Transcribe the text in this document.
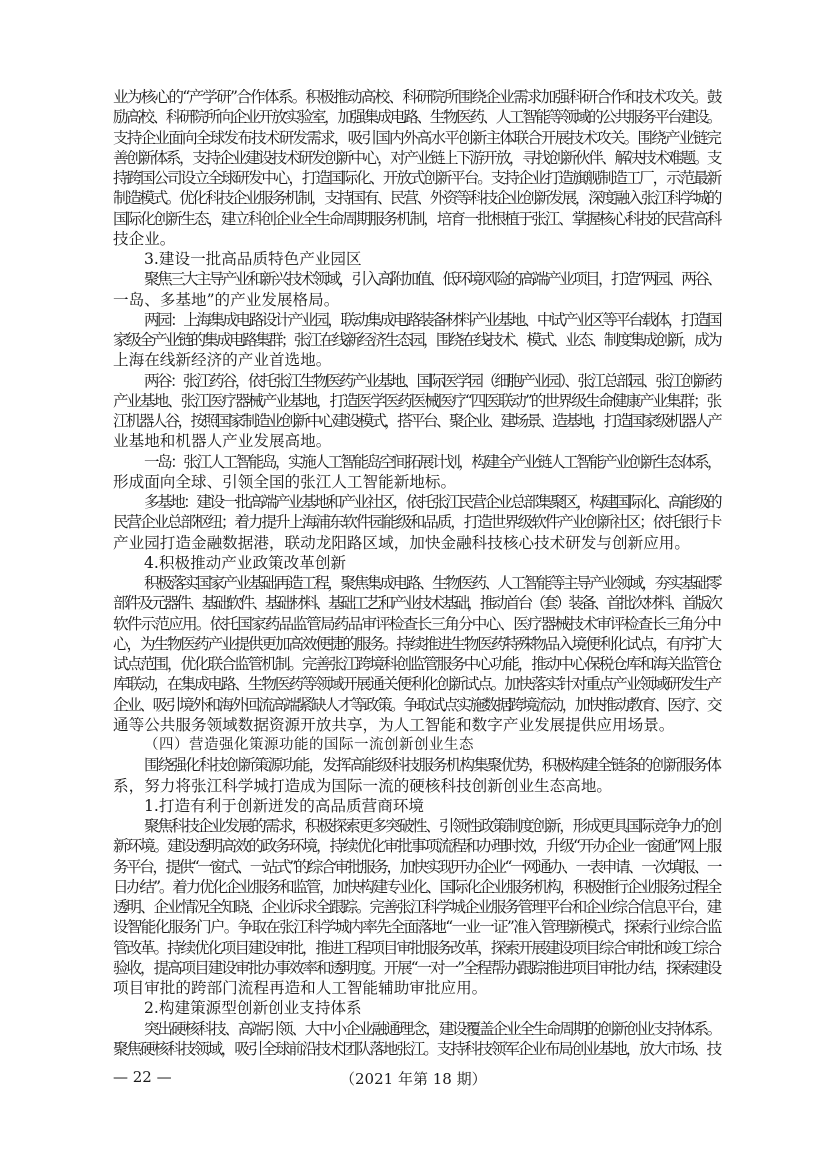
业为核心的“产学研”合作体系。积极推动高校、科研院所围绕企业需求加强科研合作和技术攻关。鼓
励高校、科研院所向企业开放实验室，加强集成电路、生物医药、人工智能等领域的公共服务平台建设。
支持企业面向全球发布技术研发需求，吸引国内外高水平创新主体联合开展技术攻关。围绕产业链完
善创新体系，支持企业建设技术研发创新中心，对产业链上下游开放，寻找创新伙伴、解决技术难题。支
持跨国公司设立全球研发中心，打造国际化、开放式创新平台。支持企业打造旗舰制造工厂，示范最新
制造模式。优化科技企业服务机制，支持国有、民营、外资等科技企业创新发展，深度融入张江科学城的
国际化创新生态，建立科创企业全生命周期服务机制，培育一批根植于张江、掌握核心科技的民营高科
技企业。
3.建设一批高品质特色产业园区
聚焦三大主导产业和新兴技术领域，引入高附加值、低环境风险的高端产业项目，打造“两园、两谷、
一岛、多基地”的产业发展格局。
两园：上海集成电路设计产业园，联动集成电路装备材料产业基地、中试产业区等平台载体，打造国
家级全产业链的集成电路集群；张江在线新经济生态园，围绕在线技术、模式、业态、制度集成创新，成为
上海在线新经济的产业首选地。
两谷：张江药谷，依托张江生物医药产业基地、国际医学园（细胞产业园）、张江总部园、张江创新药
产业基地、张江医疗器械产业基地，打造医学医药医械医疗“四医联动”的世界级生命健康产业集群；张
江机器人谷，按照国家制造业创新中心建设模式，搭平台、聚企业、建场景、造基地，打造国家级机器人产
业基地和机器人产业发展高地。
一岛：张江人工智能岛，实施人工智能岛空间拓展计划，构建全产业链人工智能产业创新生态体系，
形成面向全球、引领全国的张江人工智能新地标。
多基地：建设一批高端产业基地和产业社区，依托张江民营企业总部集聚区，构建国际化、高能级的
民营企业总部枢纽；着力提升上海浦东软件园能级和品质，打造世界级软件产业创新社区；依托银行卡
产业园打造金融数据港，联动龙阳路区域，加快金融科技核心技术研发与创新应用。
4.积极推动产业政策改革创新
积极落实国家产业基础再造工程，聚焦集成电路、生物医药、人工智能等主导产业领域，夯实基础零
部件及元器件、基础软件、基础材料、基础工艺和产业技术基础，推动首台（套）装备、首批次材料、首版次
软件示范应用。依托国家药品监管局药品审评检查长三角分中心、医疗器械技术审评检查长三角分中
心，为生物医药产业提供更加高效便捷的服务。持续推进生物医药特殊物品入境便利化试点，有序扩大
试点范围，优化联合监管机制。完善张江跨境科创监管服务中心功能，推动中心保税仓库和海关监管仓
库联动，在集成电路、生物医药等领域开展通关便利化创新试点。加快落实针对重点产业领域研发生产
企业、吸引境外和海外回流高端紧缺人才等政策。争取试点实施数据跨境流动，加快推动教育、医疗、交
通等公共服务领域数据资源开放共享，为人工智能和数字产业发展提供应用场景。
（四）营造强化策源功能的国际一流创新创业生态
围绕强化科技创新策源功能，发挥高能级科技服务机构集聚优势，积极构建全链条的创新服务体
系，努力将张江科学城打造成为国际一流的硬核科技创新创业生态高地。
1.打造有利于创新迸发的高品质营商环境
聚焦科技企业发展的需求，积极探索更多突破性、引领性政策制度创新，形成更具国际竞争力的创
新环境。建设透明高效的政务环境，持续优化审批事项流程和办理时效，升级“开办企业一窗通”网上服
务平台，提供“一窗式、一站式”的综合审批服务，加快实现开办企业“一网通办、一表申请、一次填报、一
日办结”。着力优化企业服务和监管，加快构建专业化、国际化企业服务机构，积极推行企业服务过程全
透明、企业情况全知晓、企业诉求全跟踪。完善张江科学城企业服务管理平台和企业综合信息平台，建
设智能化服务门户。争取在张江科学城内率先全面落地“一业一证”准入管理新模式，探索行业综合监
管改革。持续优化项目建设审批，推进工程项目审批服务改革，探索开展建设项目综合审批和竣工综合
验收，提高项目建设审批办事效率和透明度。开展“一对一”全程帮办跟踪推进项目审批办结，探索建设
项目审批的跨部门流程再造和人工智能辅助审批应用。
2.构建策源型创新创业支持体系
突出硬核科技、高端引领、大中小企业融通理念，建设覆盖企业全生命周期的创新创业支持体系。
聚焦硬核科技领域，吸引全球前沿技术团队落地张江。支持科技领军企业布局创业基地，放大市场、技
— 22 —	（2021 年第 18 期）
